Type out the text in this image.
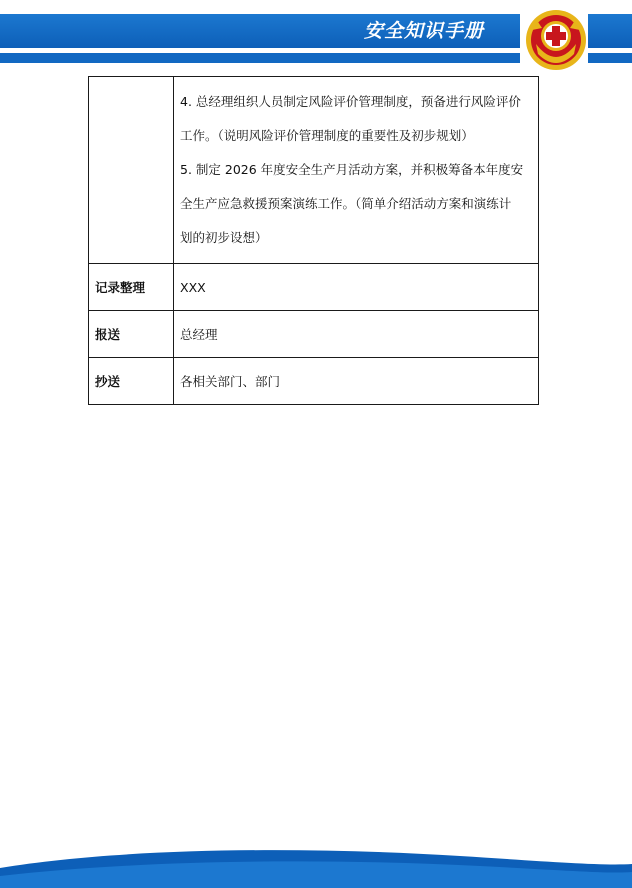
安全知识手册

	4. 总经理组织人员制定风险评价管理制度，预备进行风险评价
工作。（说明风险评价管理制度的重要性及初步规划）
5. 制定 2026 年度安全生产月活动方案，并积极筹备本年度安
全生产应急救援预案演练工作。（简单介绍活动方案和演练计
划的初步设想）

记录整理	XXX
报送	总经理
抄送	各相关部门、部门
